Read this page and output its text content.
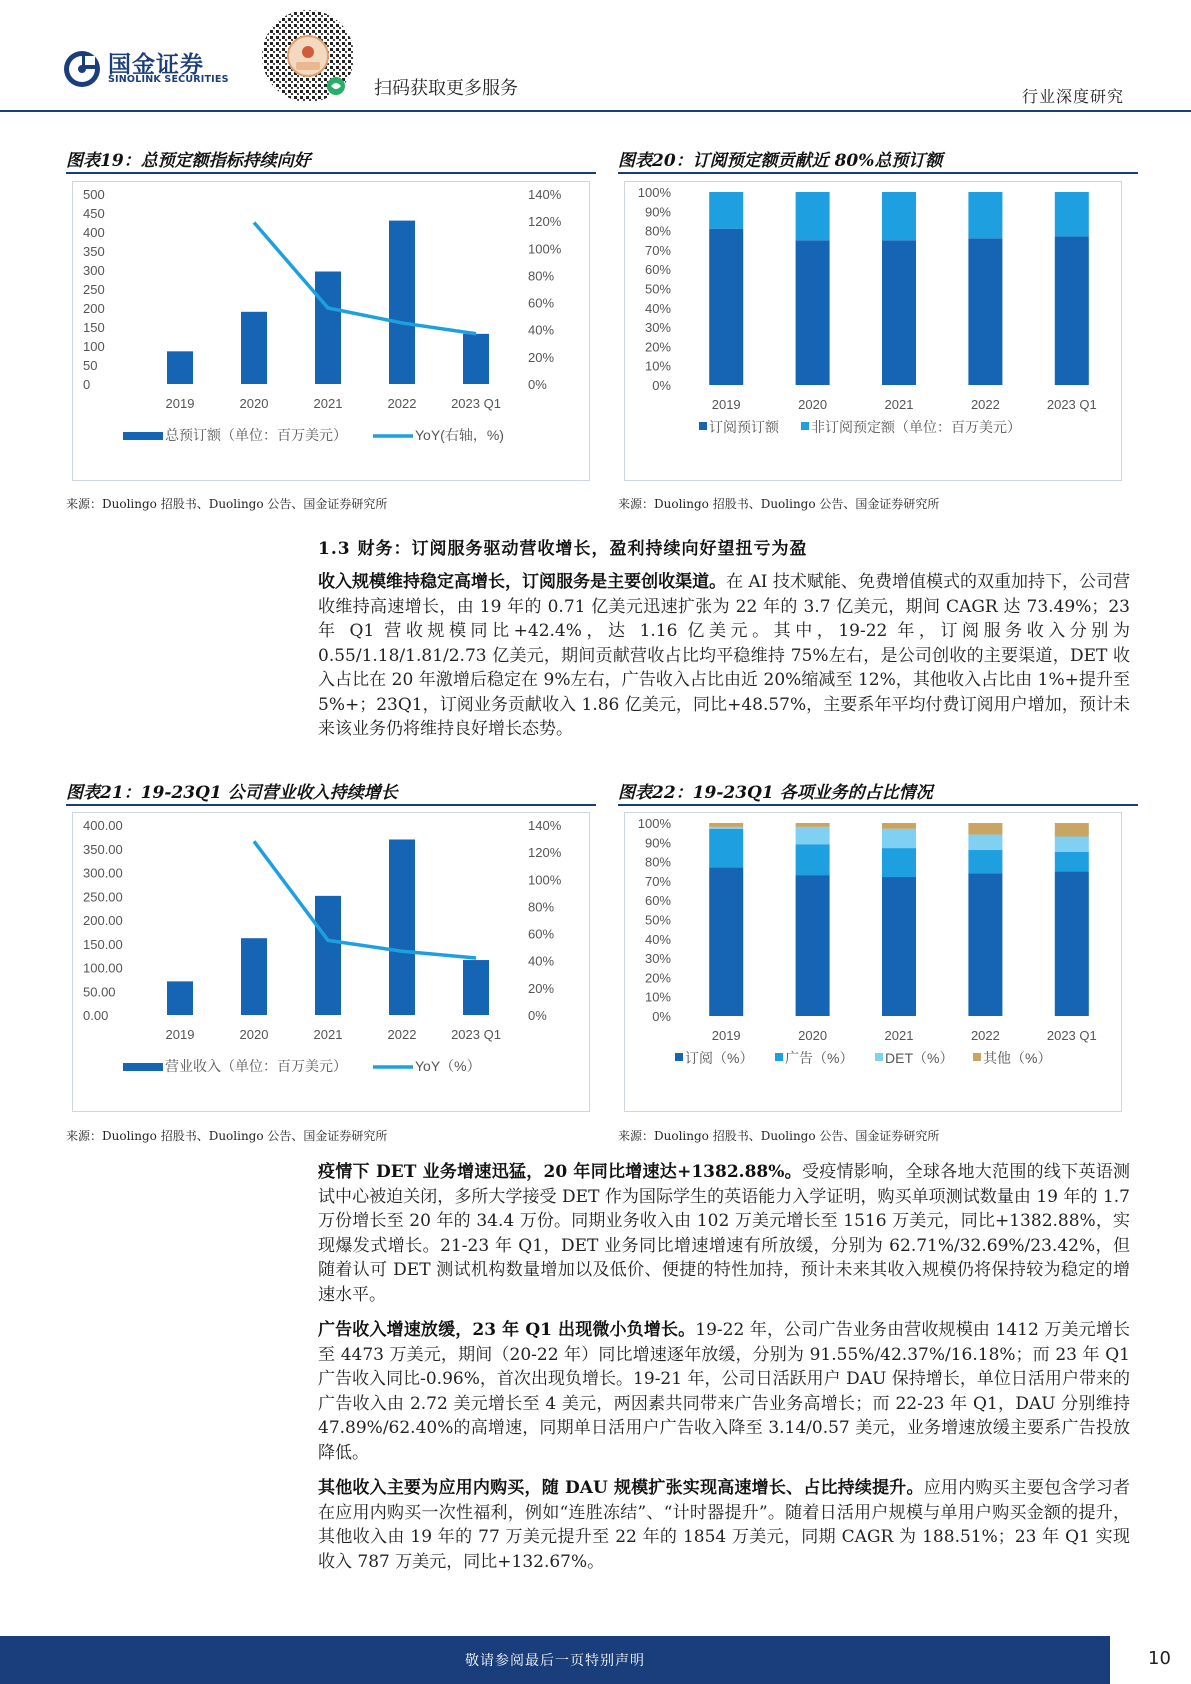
国金证券
SINOLINK SECURITIES	扫码获取更多服务	行业深度研究
图表19：总预定额指标持续向好
500
450
400
350
300
250
200
150
100
50
0
140%
120%
100%
80%
60%
40%
20%
0%
2019	2020	2021	2022	2023 Q1
总预订额（单位：百万美元）	YoY(右轴，%)
来源：Duolingo 招股书、Duolingo 公告、国金证券研究所
图表20：订阅预定额贡献近 80%总预订额
100%
90%
80%
70%
60%
50%
40%
30%
20%
10%
0%
2019	2020	2021	2022	2023 Q1
订阅预订额 非订阅预定额（单位：百万美元）
来源：Duolingo 招股书、Duolingo 公告、国金证券研究所
1.3 财务：订阅服务驱动营收增长，盈利持续向好望扭亏为盈
收入规模维持稳定高增长，订阅服务是主要创收渠道。在 AI 技术赋能、免费增值模式的双重加持下，公司营收维持高速增长，由 19 年的 0.71 亿美元迅速扩张为 22 年的 3.7 亿美元，期间 CAGR 达 73.49%；23 年 Q1 营收规模同比+42.4%，达 1.16 亿美元。其中，19-22 年，订阅服务收入分别为 0.55/1.18/1.81/2.73 亿美元，期间贡献营收占比均平稳维持 75%左右，是公司创收的主要渠道，DET 收入占比在 20 年激增后稳定在 9%左右，广告收入占比由近 20%缩减至 12%，其他收入占比由 1%+提升至 5%+；23Q1，订阅业务贡献收入 1.86 亿美元，同比+48.57%，主要系年平均付费订阅用户增加，预计未来该业务仍将维持良好增长态势。
图表21：19-23Q1 公司营业收入持续增长
400.00
350.00
300.00
250.00
200.00
150.00
100.00
50.00
0.00
140%
120%
100%
80%
60%
40%
20%
0%
2019	2020	2021	2022	2023 Q1
营业收入（单位：百万美元）	YoY（%）
来源：Duolingo 招股书、Duolingo 公告、国金证券研究所
图表22：19-23Q1 各项业务的占比情况
100%
90%
80%
70%
60%
50%
40%
30%
20%
10%
0%
2019	2020	2021	2022	2023 Q1
订阅（%） 广告（%） DET（%） 其他（%）
来源：Duolingo 招股书、Duolingo 公告、国金证券研究所
疫情下 DET 业务增速迅猛，20 年同比增速达+1382.88%。受疫情影响，全球各地大范围的线下英语测试中心被迫关闭，多所大学接受 DET 作为国际学生的英语能力入学证明，购买单项测试数量由 19 年的 1.7 万份增长至 20 年的 34.4 万份。同期业务收入由 102 万美元增长至 1516 万美元，同比+1382.88%，实现爆发式增长。21-23 年 Q1，DET 业务同比增速增速有所放缓，分别为 62.71%/32.69%/23.42%，但随着认可 DET 测试机构数量增加以及低价、便捷的特性加持，预计未来其收入规模仍将保持较为稳定的增速水平。
广告收入增速放缓，23 年 Q1 出现微小负增长。19-22 年，公司广告业务由营收规模由 1412 万美元增长至 4473 万美元，期间（20-22 年）同比增速逐年放缓，分别为 91.55%/42.37%/16.18%；而 23 年 Q1 广告收入同比-0.96%，首次出现负增长。19-21 年，公司日活跃用户 DAU 保持增长，单位日活用户带来的广告收入由 2.72 美元增长至 4 美元，两因素共同带来广告业务高增长；而 22-23 年 Q1，DAU 分别维持 47.89%/62.40%的高增速，同期单日活用户广告收入降至 3.14/0.57 美元，业务增速放缓主要系广告投放降低。
其他收入主要为应用内购买，随 DAU 规模扩张实现高速增长、占比持续提升。应用内购买主要包含学习者在应用内购买一次性福利，例如“连胜冻结”、“计时器提升”。随着日活用户规模与单用户购买金额的提升，其他收入由 19 年的 77 万美元提升至 22 年的 1854 万美元，同期 CAGR 为 188.51%；23 年 Q1 实现收入 787 万美元，同比+132.67%。
敬请参阅最后一页特别声明	10
